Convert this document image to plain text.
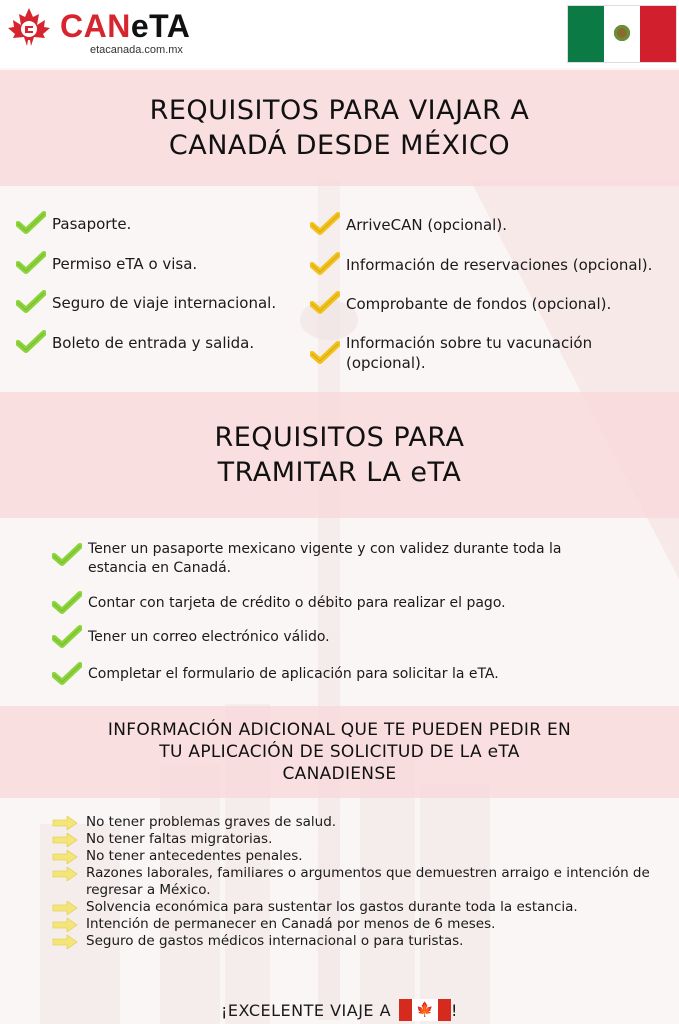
CANeTA
etacanada.com.mx
REQUISITOS PARA VIAJAR A
CANADÁ DESDE MÉXICO
Pasaporte.
Permiso eTA o visa.
Seguro de viaje internacional.
Boleto de entrada y salida.
ArriveCAN (opcional).
Información de reservaciones (opcional).
Comprobante de fondos (opcional).
Información sobre tu vacunación (opcional).
REQUISITOS PARA
TRAMITAR LA eTA
Tener un pasaporte mexicano vigente y con validez durante toda la estancia en Canadá.
Contar con tarjeta de crédito o débito para realizar el pago.
Tener un correo electrónico válido.
Completar el formulario de aplicación para solicitar la eTA.
INFORMACIÓN ADICIONAL QUE TE PUEDEN PEDIR EN
TU APLICACIÓN DE SOLICITUD DE LA eTA
CANADIENSE
No tener problemas graves de salud.
No tener faltas migratorias.
No tener antecedentes penales.
Razones laborales, familiares o argumentos que demuestren arraigo e intención de regresar a México.
Solvencia económica para sustentar los gastos durante toda la estancia.
Intención de permanecer en Canadá por menos de 6 meses.
Seguro de gastos médicos internacional o para turistas.
¡EXCELENTE VIAJE A 🍁 !
